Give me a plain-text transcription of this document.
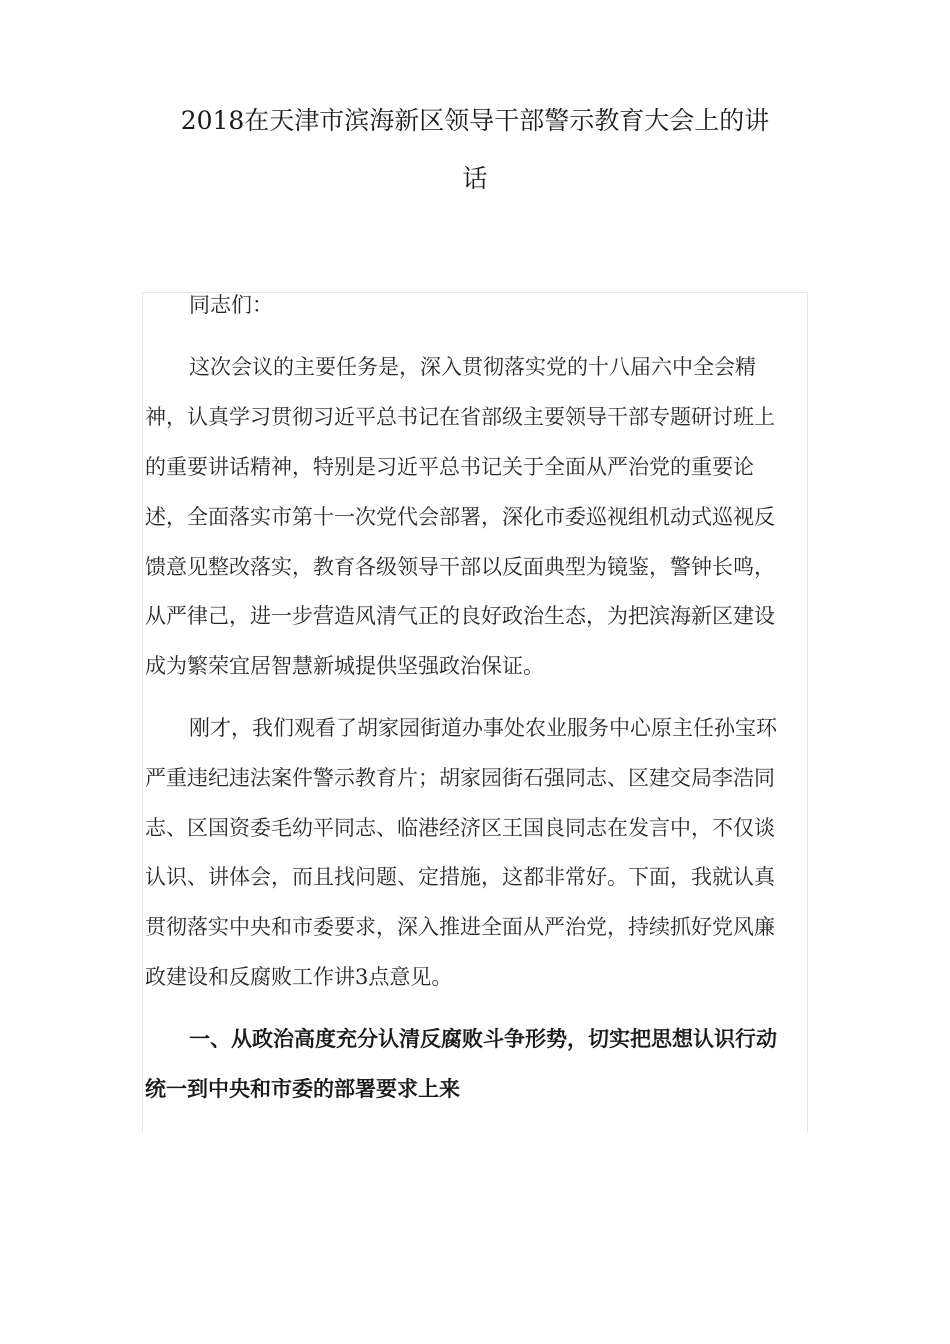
2018在天津市滨海新区领导干部警示教育大会上的讲
话
同志们：
这次会议的主要任务是，深入贯彻落实党的十八届六中全会精
神，认真学习贯彻习近平总书记在省部级主要领导干部专题研讨班上
的重要讲话精神，特别是习近平总书记关于全面从严治党的重要论
述，全面落实市第十一次党代会部署，深化市委巡视组机动式巡视反
馈意见整改落实，教育各级领导干部以反面典型为镜鉴，警钟长鸣，
从严律己，进一步营造风清气正的良好政治生态，为把滨海新区建设
成为繁荣宜居智慧新城提供坚强政治保证。
刚才，我们观看了胡家园街道办事处农业服务中心原主任孙宝环
严重违纪违法案件警示教育片；胡家园街石强同志、区建交局李浩同
志、区国资委毛幼平同志、临港经济区王国良同志在发言中，不仅谈
认识、讲体会，而且找问题、定措施，这都非常好。下面，我就认真
贯彻落实中央和市委要求，深入推进全面从严治党，持续抓好党风廉
政建设和反腐败工作讲3点意见。
一、从政治高度充分认清反腐败斗争形势，切实把思想认识行动
统一到中央和市委的部署要求上来
